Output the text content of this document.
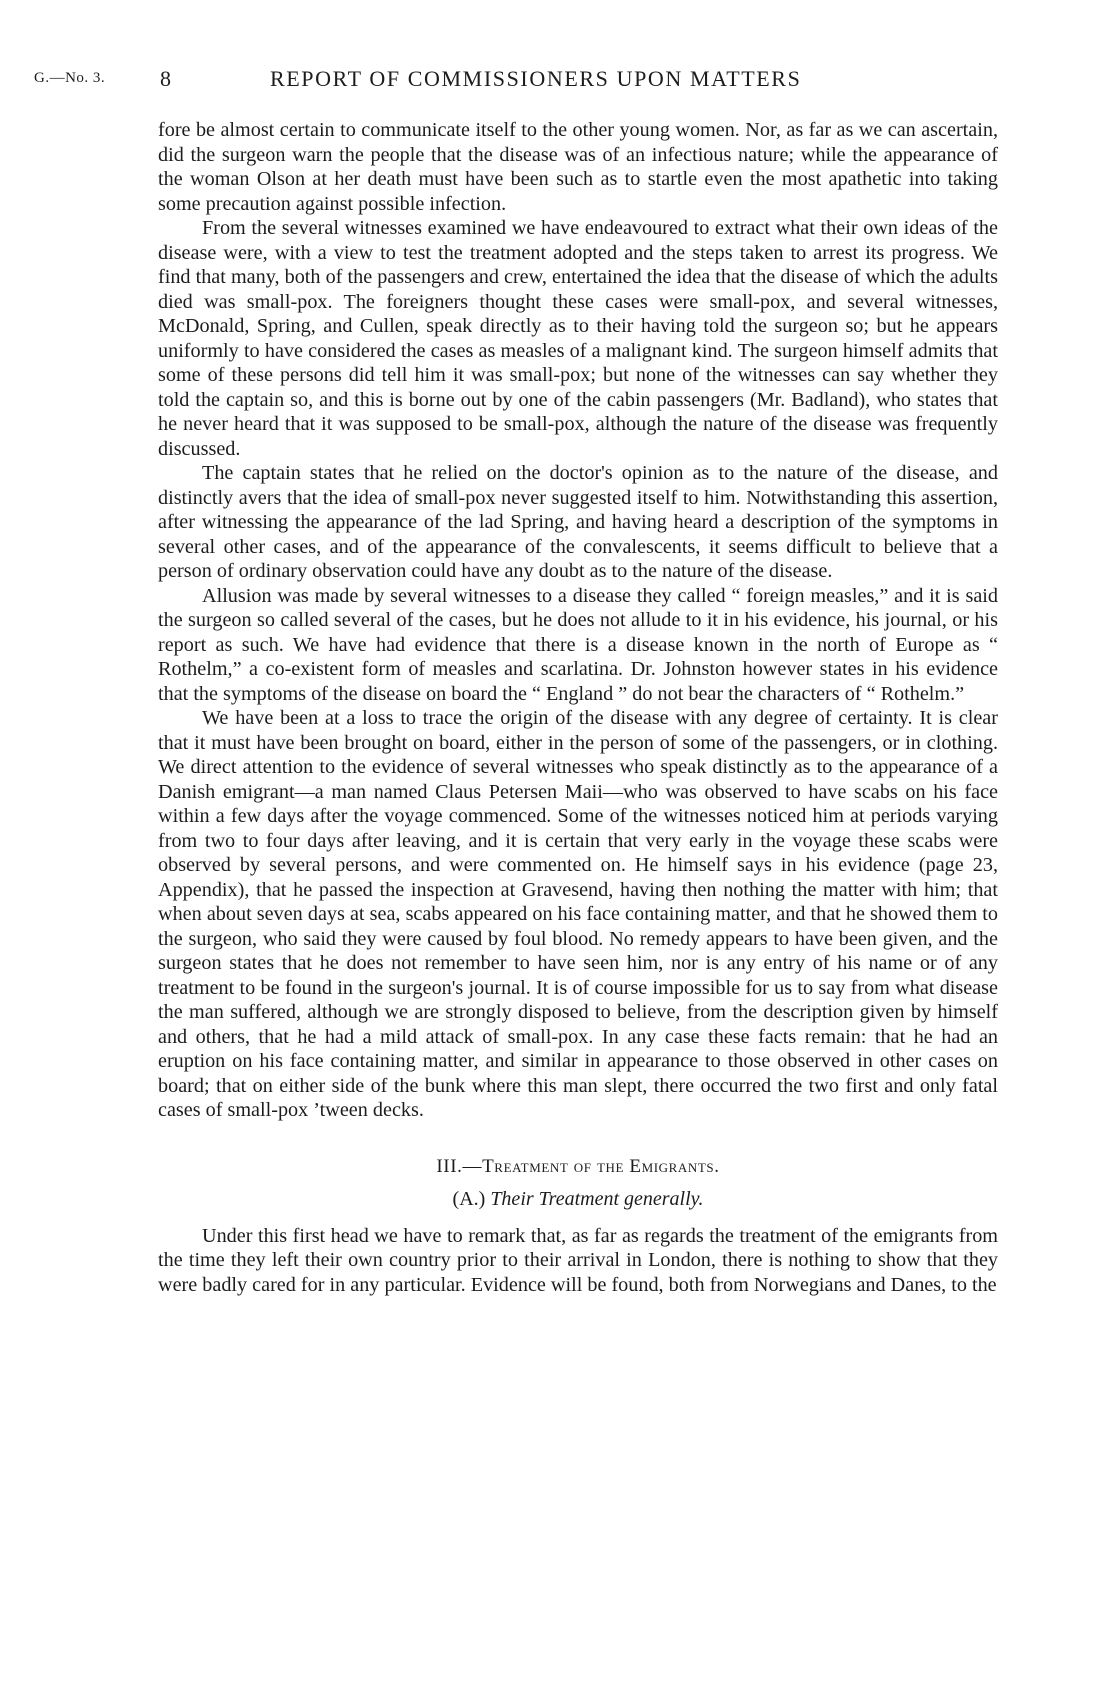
G.—No. 3. 8	REPORT OF COMMISSIONERS UPON MATTERS

fore be almost certain to communicate itself to the other young women. Nor, as far as we can ascertain, did the surgeon warn the people that the disease was of an infectious nature; while the appearance of the woman Olson at her death must have been such as to startle even the most apathetic into taking some precaution against possible infection.

From the several witnesses examined we have endeavoured to extract what their own ideas of the disease were, with a view to test the treatment adopted and the steps taken to arrest its progress. We find that many, both of the passengers and crew, entertained the idea that the disease of which the adults died was small-pox. The foreigners thought these cases were small-pox, and several witnesses, McDonald, Spring, and Cullen, speak directly as to their having told the surgeon so; but he appears uniformly to have considered the cases as measles of a malignant kind. The surgeon himself admits that some of these persons did tell him it was small-pox; but none of the witnesses can say whether they told the captain so, and this is borne out by one of the cabin passengers (Mr. Badland), who states that he never heard that it was supposed to be small-pox, although the nature of the disease was frequently discussed.

The captain states that he relied on the doctor's opinion as to the nature of the disease, and distinctly avers that the idea of small-pox never suggested itself to him. Notwithstanding this assertion, after witnessing the appearance of the lad Spring, and having heard a description of the symptoms in several other cases, and of the appearance of the convalescents, it seems difficult to believe that a person of ordinary observation could have any doubt as to the nature of the disease.

Allusion was made by several witnesses to a disease they called “ foreign measles,” and it is said the surgeon so called several of the cases, but he does not allude to it in his evidence, his journal, or his report as such. We have had evidence that there is a disease known in the north of Europe as “ Rothelm,” a co-existent form of measles and scarlatina. Dr. Johnston however states in his evidence that the symptoms of the disease on board the “ England ” do not bear the characters of “ Rothelm.”

We have been at a loss to trace the origin of the disease with any degree of certainty. It is clear that it must have been brought on board, either in the person of some of the passengers, or in clothing. We direct attention to the evidence of several witnesses who speak distinctly as to the appearance of a Danish emigrant—a man named Claus Petersen Maii—who was observed to have scabs on his face within a few days after the voyage commenced. Some of the witnesses noticed him at periods varying from two to four days after leaving, and it is certain that very early in the voyage these scabs were observed by several persons, and were commented on. He himself says in his evidence (page 23, Appendix), that he passed the inspection at Gravesend, having then nothing the matter with him; that when about seven days at sea, scabs appeared on his face containing matter, and that he showed them to the surgeon, who said they were caused by foul blood. No remedy appears to have been given, and the surgeon states that he does not remember to have seen him, nor is any entry of his name or of any treatment to be found in the surgeon's journal. It is of course impossible for us to say from what disease the man suffered, although we are strongly disposed to believe, from the description given by himself and others, that he had a mild attack of small-pox. In any case these facts remain: that he had an eruption on his face containing matter, and similar in appearance to those observed in other cases on board; that on either side of the bunk where this man slept, there occurred the two first and only fatal cases of small-pox ’tween decks.

III.—Treatment of the Emigrants.
(A.) Their Treatment generally.

Under this first head we have to remark that, as far as regards the treatment of the emigrants from the time they left their own country prior to their arrival in London, there is nothing to show that they were badly cared for in any particular. Evidence will be found, both from Norwegians and Danes, to the
